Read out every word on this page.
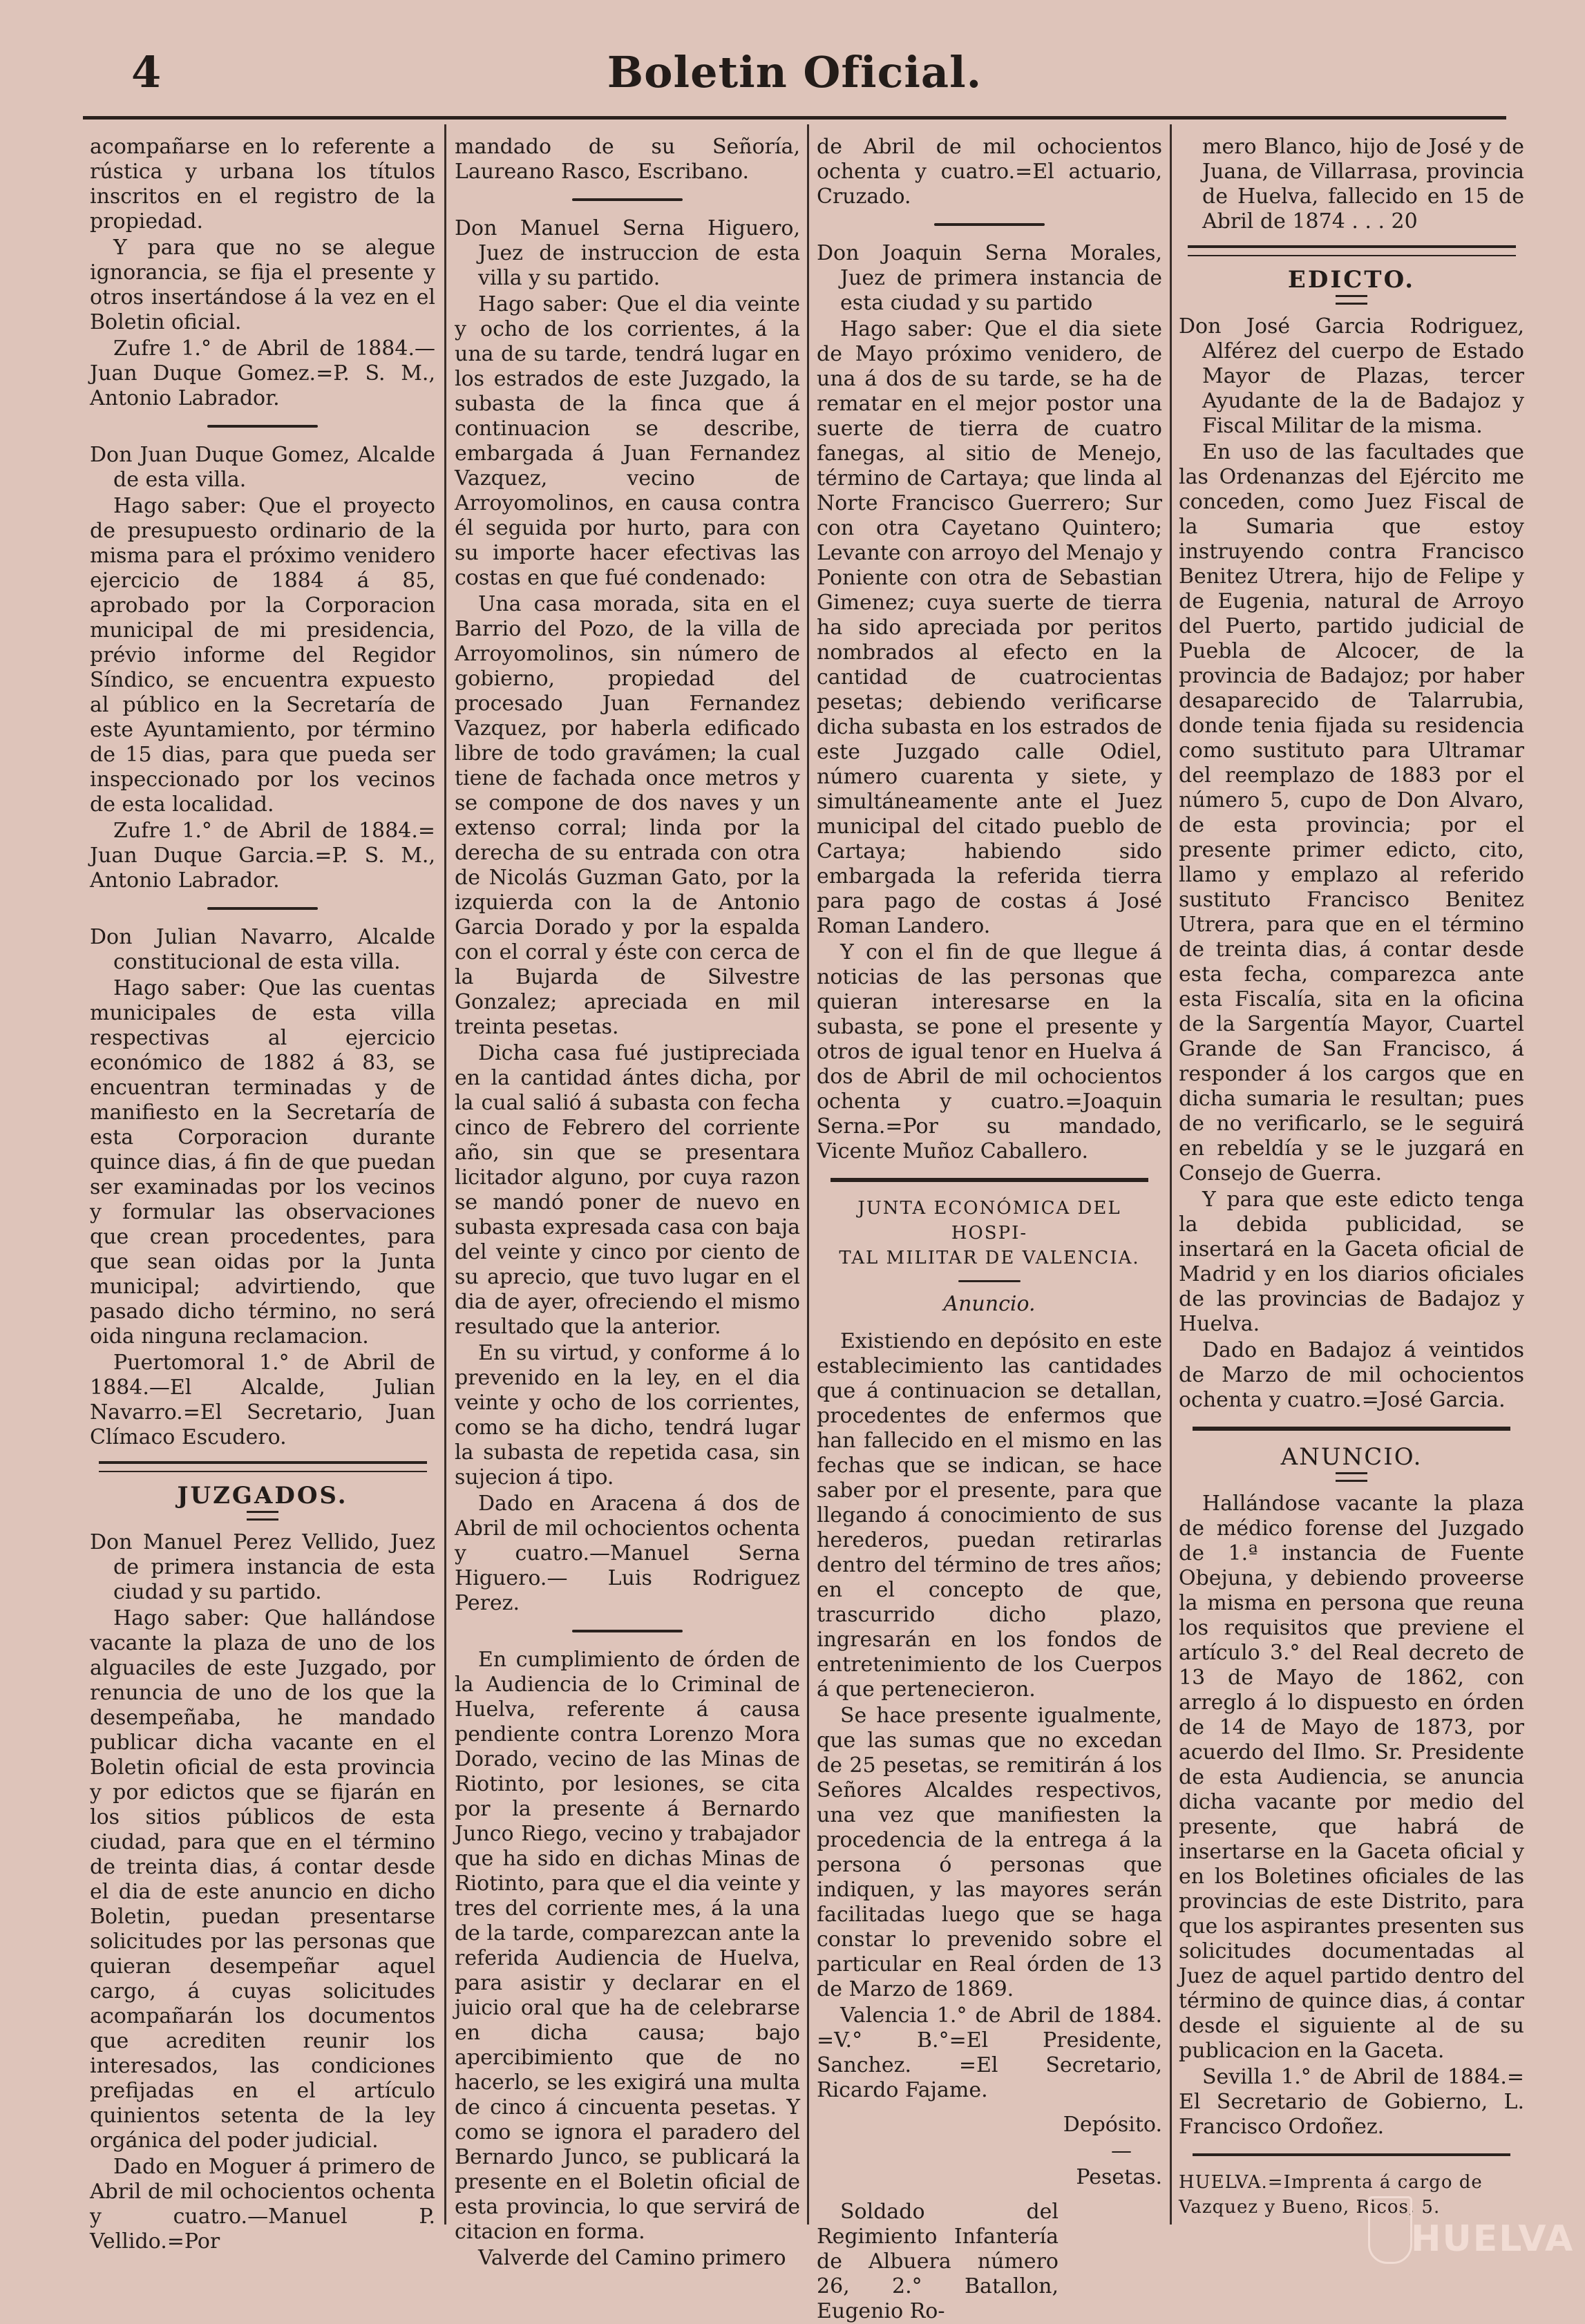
4	Boletin Oficial.

acompañarse en lo referente a rústica y urbana los títulos inscritos en el registro de la propiedad.

Y para que no se alegue ignorancia, se fija el presente y otros insertándose á la vez en el Boletin oficial.

Zufre 1.° de Abril de 1884.— Juan Duque Gomez.=P. S. M., Antonio Labrador.

Don Juan Duque Gomez, Alcalde de esta villa.

Hago saber: Que el proyecto de presupuesto ordinario de la misma para el próximo venidero ejercicio de 1884 á 85, aprobado por la Corporacion municipal de mi presidencia, prévio informe del Regidor Síndico, se encuentra expuesto al público en la Secretaría de este Ayuntamiento, por término de 15 dias, para que pueda ser inspeccionado por los vecinos de esta localidad.

Zufre 1.° de Abril de 1884.= Juan Duque Garcia.=P. S. M., Antonio Labrador.

Don Julian Navarro, Alcalde constitucional de esta villa.

Hago saber: Que las cuentas municipales de esta villa respectivas al ejercicio económico de 1882 á 83, se encuentran terminadas y de manifiesto en la Secretaría de esta Corporacion durante quince dias, á fin de que puedan ser examinadas por los vecinos y formular las observaciones que crean procedentes, para que sean oidas por la Junta municipal; advirtiendo, que pasado dicho término, no será oida ninguna reclamacion.

Puertomoral 1.° de Abril de 1884.—El Alcalde, Julian Navarro.=El Secretario, Juan Clímaco Escudero.

JUZGADOS.

Don Manuel Perez Vellido, Juez de primera instancia de esta ciudad y su partido.

Hago saber: Que hallándose vacante la plaza de uno de los alguaciles de este Juzgado, por renuncia de uno de los que la desempeñaba, he mandado publicar dicha vacante en el Boletin oficial de esta provincia y por edictos que se fijarán en los sitios públicos de esta ciudad, para que en el término de treinta dias, á contar desde el dia de este anuncio en dicho Boletin, puedan presentarse solicitudes por las personas que quieran desempeñar aquel cargo, á cuyas solicitudes acompañarán los documentos que acrediten reunir los interesados, las condiciones prefijadas en el artículo quinientos setenta de la ley orgánica del poder judicial.

Dado en Moguer á primero de Abril de mil ochocientos ochenta y cuatro.—Manuel P. Vellido.=Por

mandado de su Señoría, Laureano Rasco, Escribano.

Don Manuel Serna Higuero, Juez de instruccion de esta villa y su partido.

Hago saber: Que el dia veinte y ocho de los corrientes, á la una de su tarde, tendrá lugar en los estrados de este Juzgado, la subasta de la finca que á continuacion se describe, embargada á Juan Fernandez Vazquez, vecino de Arroyomolinos, en causa contra él seguida por hurto, para con su importe hacer efectivas las costas en que fué condenado:

Una casa morada, sita en el Barrio del Pozo, de la villa de Arroyomolinos, sin número de gobierno, propiedad del procesado Juan Fernandez Vazquez, por haberla edificado libre de todo gravámen; la cual tiene de fachada once metros y se compone de dos naves y un extenso corral; linda por la derecha de su entrada con otra de Nicolás Guzman Gato, por la izquierda con la de Antonio Garcia Dorado y por la espalda con el corral y éste con cerca de la Bujarda de Silvestre Gonzalez; apreciada en mil treinta pesetas.

Dicha casa fué justipreciada en la cantidad ántes dicha, por la cual salió á subasta con fecha cinco de Febrero del corriente año, sin que se presentara licitador alguno, por cuya razon se mandó poner de nuevo en subasta expresada casa con baja del veinte y cinco por ciento de su aprecio, que tuvo lugar en el dia de ayer, ofreciendo el mismo resultado que la anterior.

En su virtud, y conforme á lo prevenido en la ley, en el dia veinte y ocho de los corrientes, como se ha dicho, tendrá lugar la subasta de repetida casa, sin sujecion á tipo.

Dado en Aracena á dos de Abril de mil ochocientos ochenta y cuatro.—Manuel Serna Higuero.— Luis Rodriguez Perez.

En cumplimiento de órden de la Audiencia de lo Criminal de Huelva, referente á causa pendiente contra Lorenzo Mora Dorado, vecino de las Minas de Riotinto, por lesiones, se cita por la presente á Bernardo Junco Riego, vecino y trabajador que ha sido en dichas Minas de Riotinto, para que el dia veinte y tres del corriente mes, á la una de la tarde, comparezcan ante la referida Audiencia de Huelva, para asistir y declarar en el juicio oral que ha de celebrarse en dicha causa; bajo apercibimiento que de no hacerlo, se les exigirá una multa de cinco á cincuenta pesetas. Y como se ignora el paradero del Bernardo Junco, se publicará la presente en el Boletin oficial de esta provincia, lo que servirá de citacion en forma.

Valverde del Camino primero

de Abril de mil ochocientos ochenta y cuatro.=El actuario, Cruzado.

Don Joaquin Serna Morales, Juez de primera instancia de esta ciudad y su partido

Hago saber: Que el dia siete de Mayo próximo venidero, de una á dos de su tarde, se ha de rematar en el mejor postor una suerte de tierra de cuatro fanegas, al sitio de Menejo, término de Cartaya; que linda al Norte Francisco Guerrero; Sur con otra Cayetano Quintero; Levante con arroyo del Menajo y Poniente con otra de Sebastian Gimenez; cuya suerte de tierra ha sido apreciada por peritos nombrados al efecto en la cantidad de cuatrocientas pesetas; debiendo verificarse dicha subasta en los estrados de este Juzgado calle Odiel, número cuarenta y siete, y simultáneamente ante el Juez municipal del citado pueblo de Cartaya; habiendo sido embargada la referida tierra para pago de costas á José Roman Landero.

Y con el fin de que llegue á noticias de las personas que quieran interesarse en la subasta, se pone el presente y otros de igual tenor en Huelva á dos de Abril de mil ochocientos ochenta y cuatro.=Joaquin Serna.=Por su mandado, Vicente Muñoz Caballero.

JUNTA ECONÓMICA DEL HOSPI-
TAL MILITAR DE VALENCIA.

Anuncio.

Existiendo en depósito en este establecimiento las cantidades que á continuacion se detallan, procedentes de enfermos que han fallecido en el mismo en las fechas que se indican, se hace saber por el presente, para que llegando á conocimiento de sus herederos, puedan retirarlas dentro del término de tres años; en el concepto de que, trascurrido dicho plazo, ingresarán en los fondos de entretenimiento de los Cuerpos á que pertenecieron.

Se hace presente igualmente, que las sumas que no excedan de 25 pesetas, se remitirán á los Señores Alcaldes respectivos, una vez que manifiesten la procedencia de la entrega á la persona ó personas que indiquen, y las mayores serán facilitadas luego que se haga constar lo prevenido sobre el particular en Real órden de 13 de Marzo de 1869.

Valencia 1.° de Abril de 1884. =V.° B.°=El Presidente, Sanchez. =El Secretario, Ricardo Fajame.

Depósito.

—

Pesetas.

Soldado del Regimiento Infantería de Albuera número 26, 2.° Batallon, Eugenio Ro-

mero Blanco, hijo de José y de Juana, de Villarrasa, provincia de Huelva, fallecido en 15 de Abril de 1874 . . . 20

EDICTO.

Don José Garcia Rodriguez, Alférez del cuerpo de Estado Mayor de Plazas, tercer Ayudante de la de Badajoz y Fiscal Militar de la misma.

En uso de las facultades que las Ordenanzas del Ejército me conceden, como Juez Fiscal de la Sumaria que estoy instruyendo contra Francisco Benitez Utrera, hijo de Felipe y de Eugenia, natural de Arroyo del Puerto, partido judicial de Puebla de Alcocer, de la provincia de Badajoz; por haber desaparecido de Talarrubia, donde tenia fijada su residencia como sustituto para Ultramar del reemplazo de 1883 por el número 5, cupo de Don Alvaro, de esta provincia; por el presente primer edicto, cito, llamo y emplazo al referido sustituto Francisco Benitez Utrera, para que en el término de treinta dias, á contar desde esta fecha, comparezca ante esta Fiscalía, sita en la oficina de la Sargentía Mayor, Cuartel Grande de San Francisco, á responder á los cargos que en dicha sumaria le resultan; pues de no verificarlo, se le seguirá en rebeldía y se le juzgará en Consejo de Guerra.

Y para que este edicto tenga la debida publicidad, se insertará en la Gaceta oficial de Madrid y en los diarios oficiales de las provincias de Badajoz y Huelva.

Dado en Badajoz á veintidos de Marzo de mil ochocientos ochenta y cuatro.=José Garcia.

ANUNCIO.

Hallándose vacante la plaza de médico forense del Juzgado de 1.ª instancia de Fuente Obejuna, y debiendo proveerse la misma en persona que reuna los requisitos que previene el artículo 3.° del Real decreto de 13 de Mayo de 1862, con arreglo á lo dispuesto en órden de 14 de Mayo de 1873, por acuerdo del Ilmo. Sr. Presidente de esta Audiencia, se anuncia dicha vacante por medio del presente, que habrá de insertarse en la Gaceta oficial y en los Boletines oficiales de las provincias de este Distrito, para que los aspirantes presenten sus solicitudes documentadas al Juez de aquel partido dentro del término de quince dias, á contar desde el siguiente al de su publicacion en la Gaceta.

Sevilla 1.° de Abril de 1884.= El Secretario de Gobierno, L. Francisco Ordoñez.

HUELVA.=Imprenta á cargo de Vazquez y Bueno, Ricos, 5.

HUELVA
